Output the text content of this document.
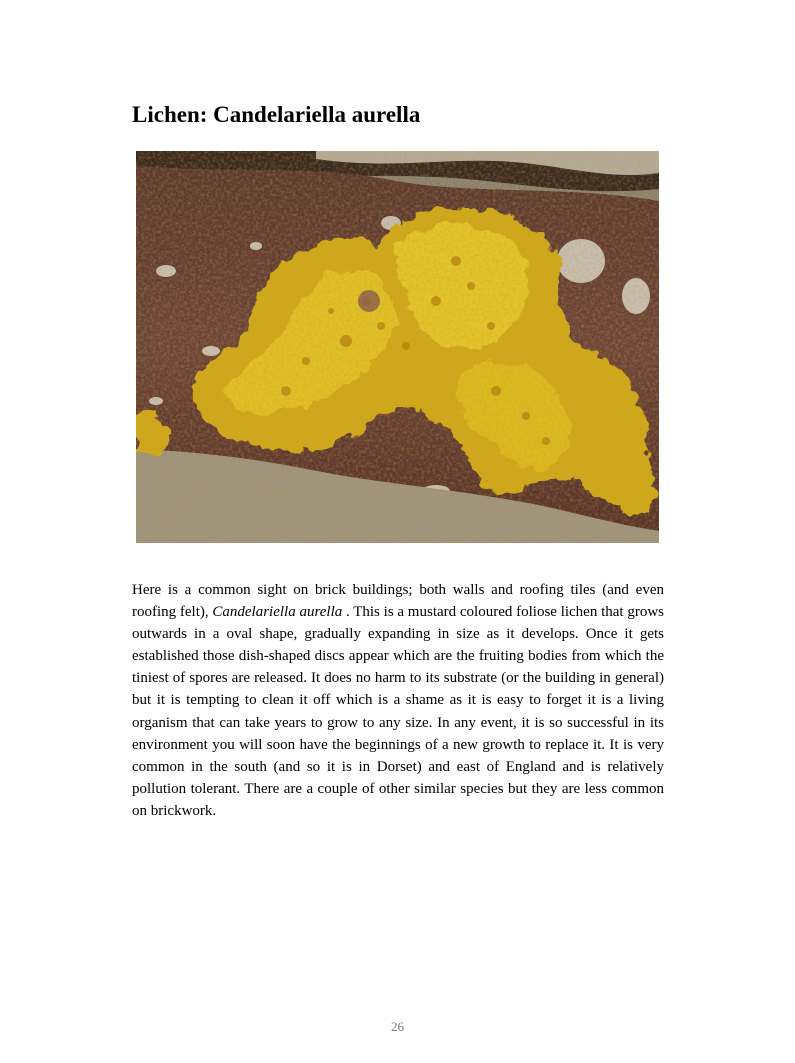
Lichen: Candelariella aurella

Here is a common sight on brick buildings; both walls and roofing tiles (and even roofing felt), Candelariella aurella . This is a mustard coloured foliose lichen that grows outwards in a oval shape, gradually expanding in size as it develops. Once it gets established those dish-shaped discs appear which are the fruiting bodies from which the tiniest of spores are released. It does no harm to its substrate (or the building in general) but it is tempting to clean it off which is a shame as it is easy to forget it is a living organism that can take years to grow to any size. In any event, it is so successful in its environment you will soon have the beginnings of a new growth to replace it. It is very common in the south (and so it is in Dorset) and east of England and is relatively pollution tolerant. There are a couple of other similar species but they are less common on brickwork.

26
